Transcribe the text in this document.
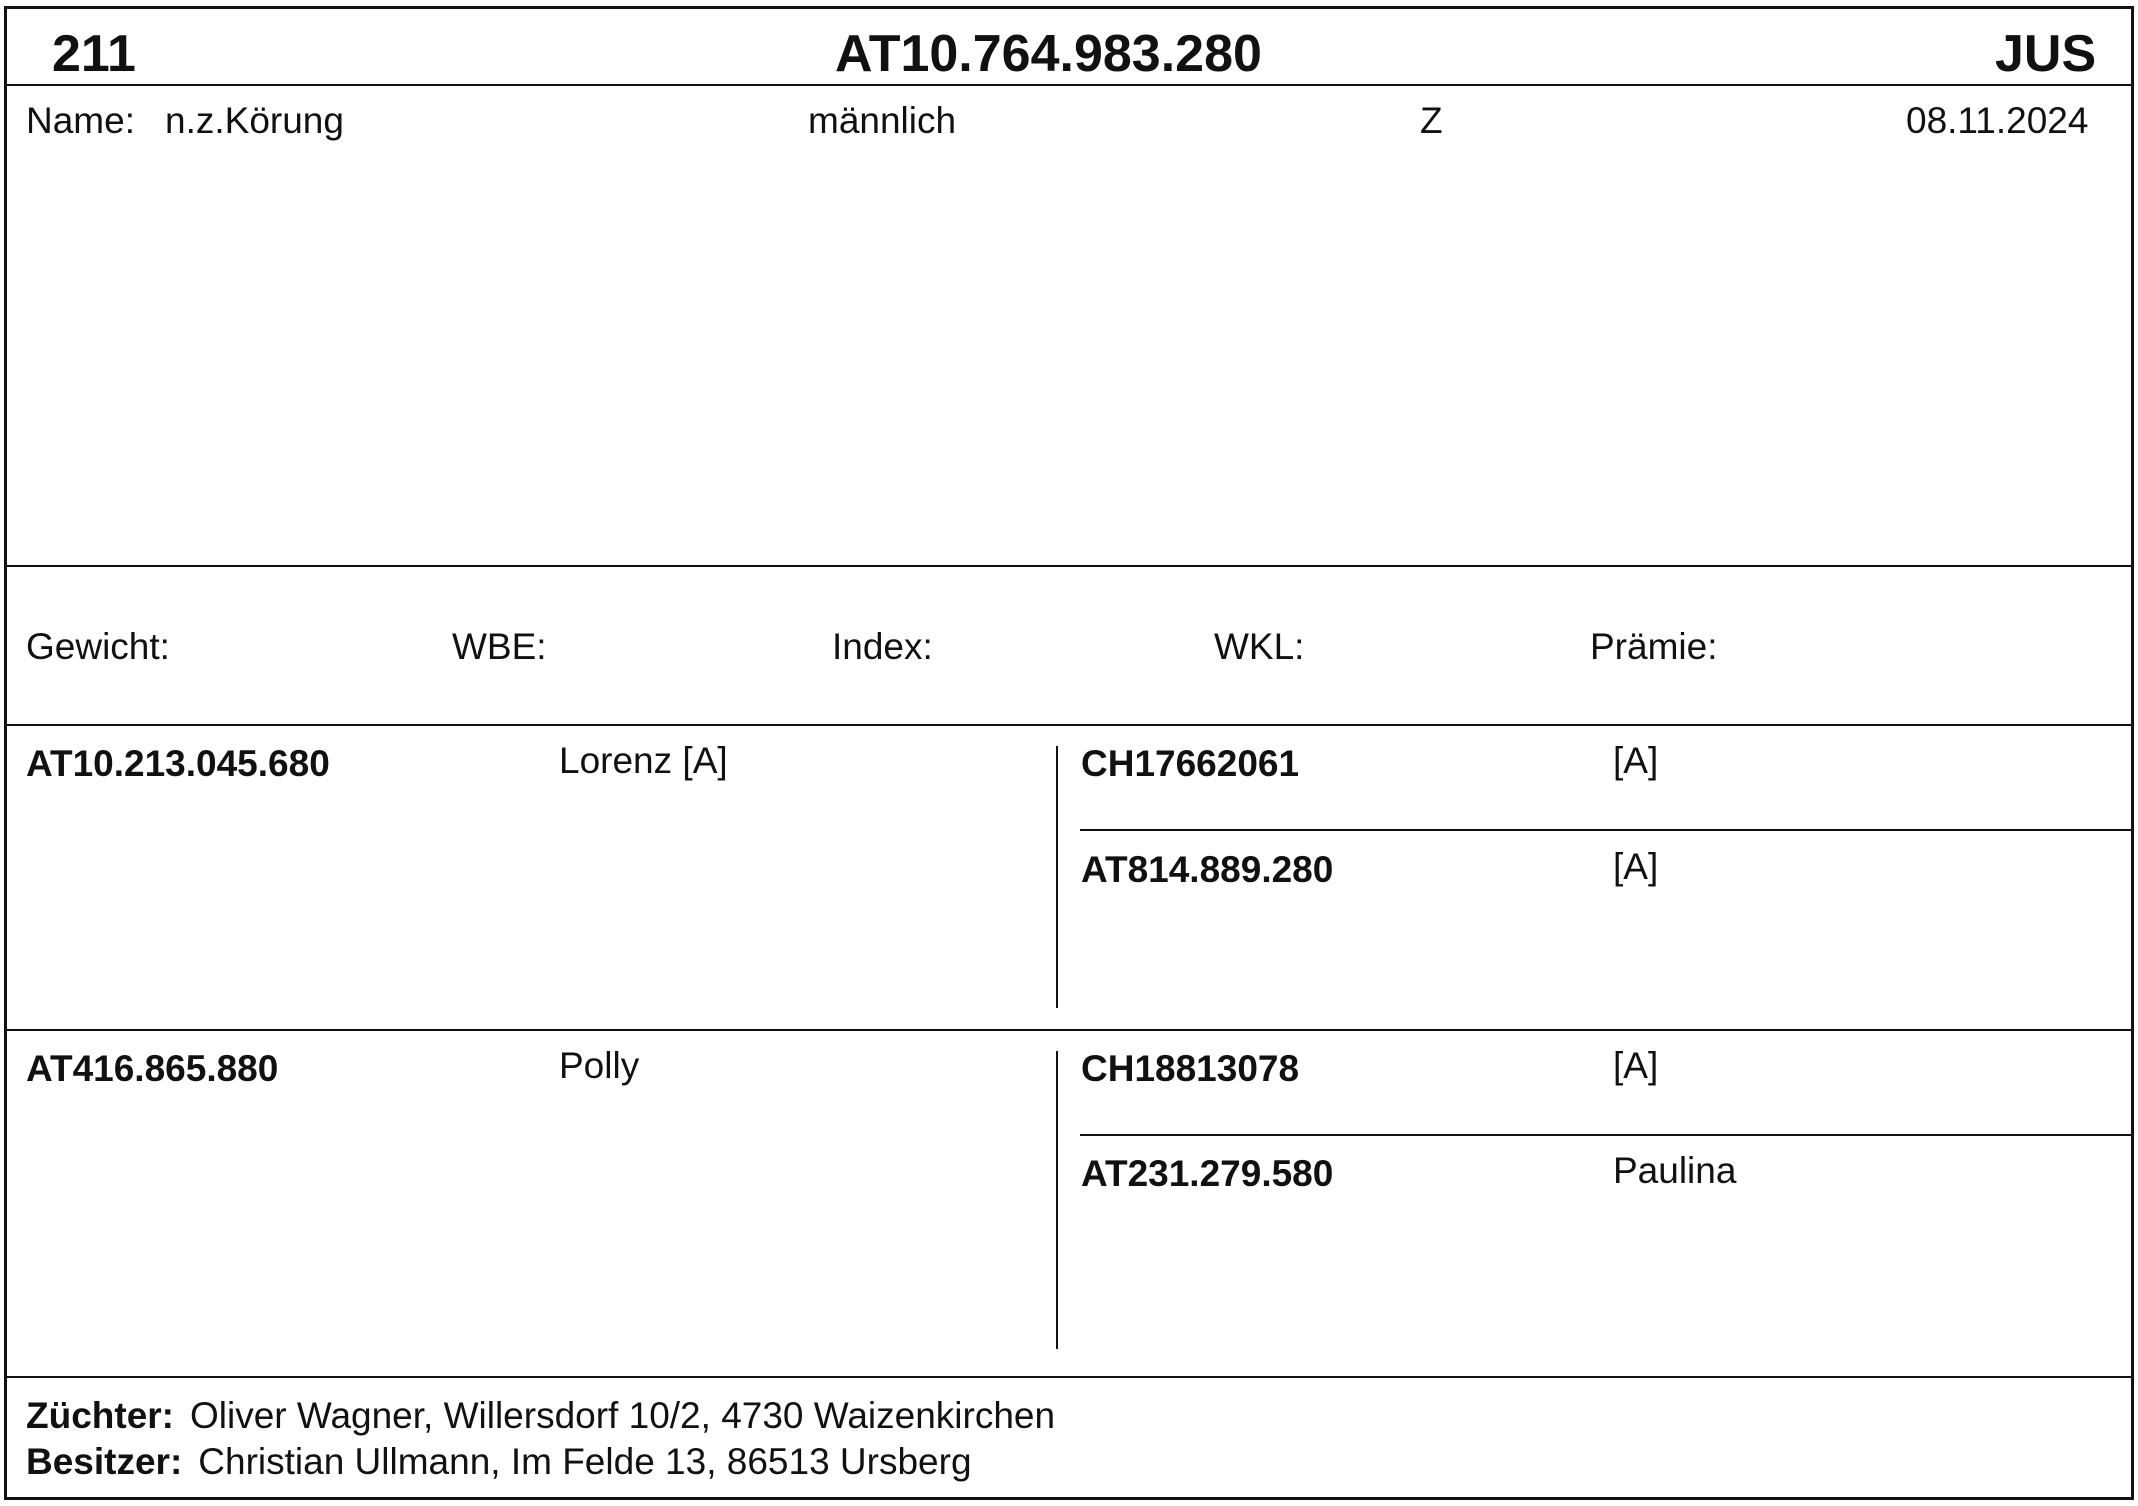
211	AT10.764.983.280	JUS
Name: n.z.Körung	männlich	Z	08.11.2024
Gewicht:	WBE:	Index:	WKL:	Prämie:
AT10.213.045.680	Lorenz [A]	CH17662061	[A]
AT814.889.280	[A]
AT416.865.880	Polly	CH18813078	[A]
AT231.279.580	Paulina
Züchter: Oliver Wagner, Willersdorf 10/2, 4730 Waizenkirchen
Besitzer: Christian Ullmann, Im Felde 13, 86513 Ursberg
